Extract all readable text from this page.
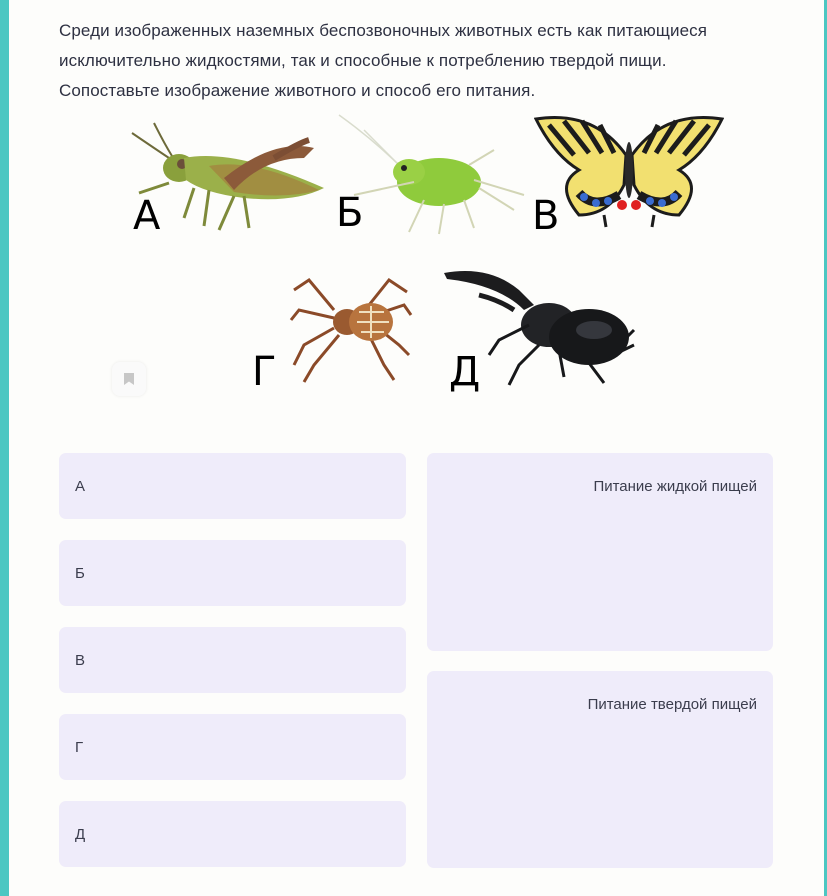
Среди изображенных наземных беспозвоночных животных есть как питающиеся исключительно жидкостями, так и способные к потреблению твердой пищи. Сопоставьте изображение животного и способ его питания.
А	Б	В
Г	Д
А
Б
В
Г
Д
Питание жидкой пищей
Питание твердой пищей
